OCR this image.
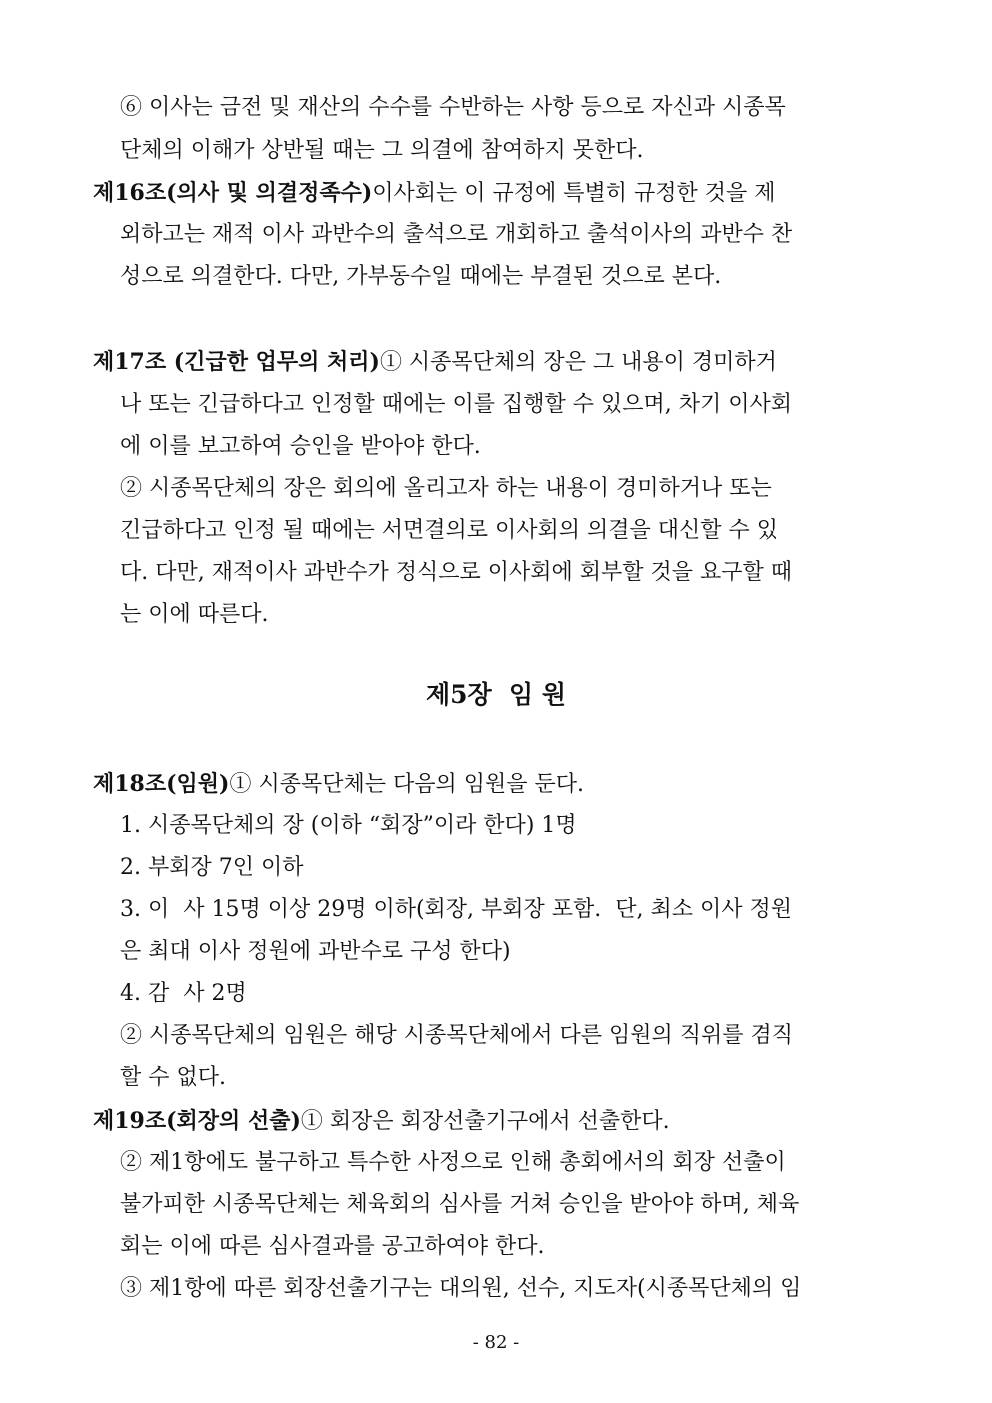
⑥ 이사는 금전 및 재산의 수수를 수반하는 사항 등으로 자신과 시종목
단체의 이해가 상반될 때는 그 의결에 참여하지 못한다.
제16조(의사 및 의결정족수)이사회는 이 규정에 특별히 규정한 것을 제
외하고는 재적 이사 과반수의 출석으로 개회하고 출석이사의 과반수 찬
성으로 의결한다. 다만, 가부동수일 때에는 부결된 것으로 본다.
제17조 (긴급한 업무의 처리)① 시종목단체의 장은 그 내용이 경미하거
나 또는 긴급하다고 인정할 때에는 이를 집행할 수 있으며, 차기 이사회
에 이를 보고하여 승인을 받아야 한다.
② 시종목단체의 장은 회의에 올리고자 하는 내용이 경미하거나 또는
긴급하다고 인정 될 때에는 서면결의로 이사회의 의결을 대신할 수 있
다. 다만, 재적이사 과반수가 정식으로 이사회에 회부할 것을 요구할 때
는 이에 따른다.
제5장  임 원
제18조(임원)① 시종목단체는 다음의 임원을 둔다.
1. 시종목단체의 장 (이하 “회장”이라 한다) 1명
2. 부회장 7인 이하
3. 이  사 15명 이상 29명 이하(회장, 부회장 포함.  단, 최소 이사 정원
은 최대 이사 정원에 과반수로 구성 한다)
4. 감  사 2명
② 시종목단체의 임원은 해당 시종목단체에서 다른 임원의 직위를 겸직
할 수 없다.
제19조(회장의 선출)① 회장은 회장선출기구에서 선출한다.
② 제1항에도 불구하고 특수한 사정으로 인해 총회에서의 회장 선출이
불가피한 시종목단체는 체육회의 심사를 거쳐 승인을 받아야 하며, 체육
회는 이에 따른 심사결과를 공고하여야 한다.
③ 제1항에 따른 회장선출기구는 대의원, 선수, 지도자(시종목단체의 임
- 82 -
